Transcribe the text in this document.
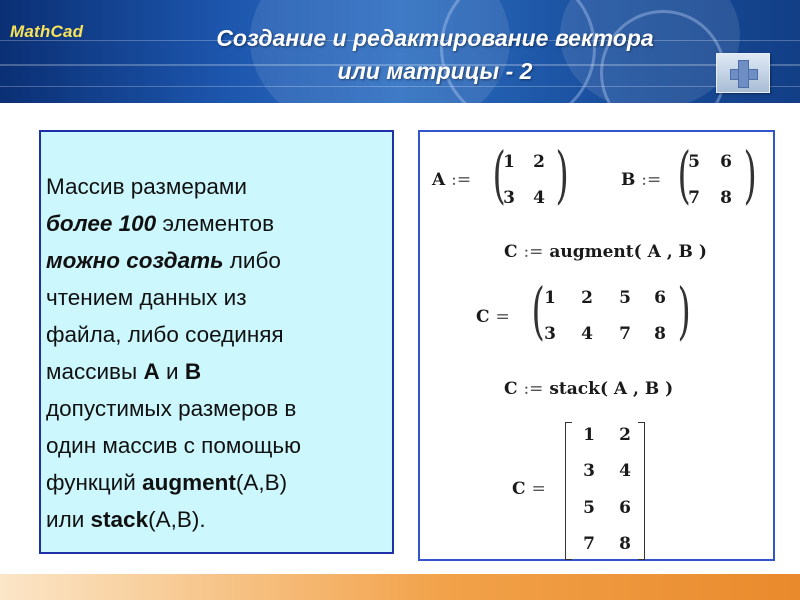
MathCad	Создание и редактирование вектора
или матрицы - 2
Массив размерами
более 100 элементов
можно создать либо
чтением данных из
файла, либо соединяя
массивы A и B
допустимых размеров в
один массив с помощью
функций augment(A,B)
или stack(A,B).
A := (
1 2
3 4 )	B := (
5 6
7 8 )
C := augment( A , B )
C = ( 1 2 5 6
3 4 7 8 )
C := stack( A , B )
C =
1 2
3 4
5 6
7 8
